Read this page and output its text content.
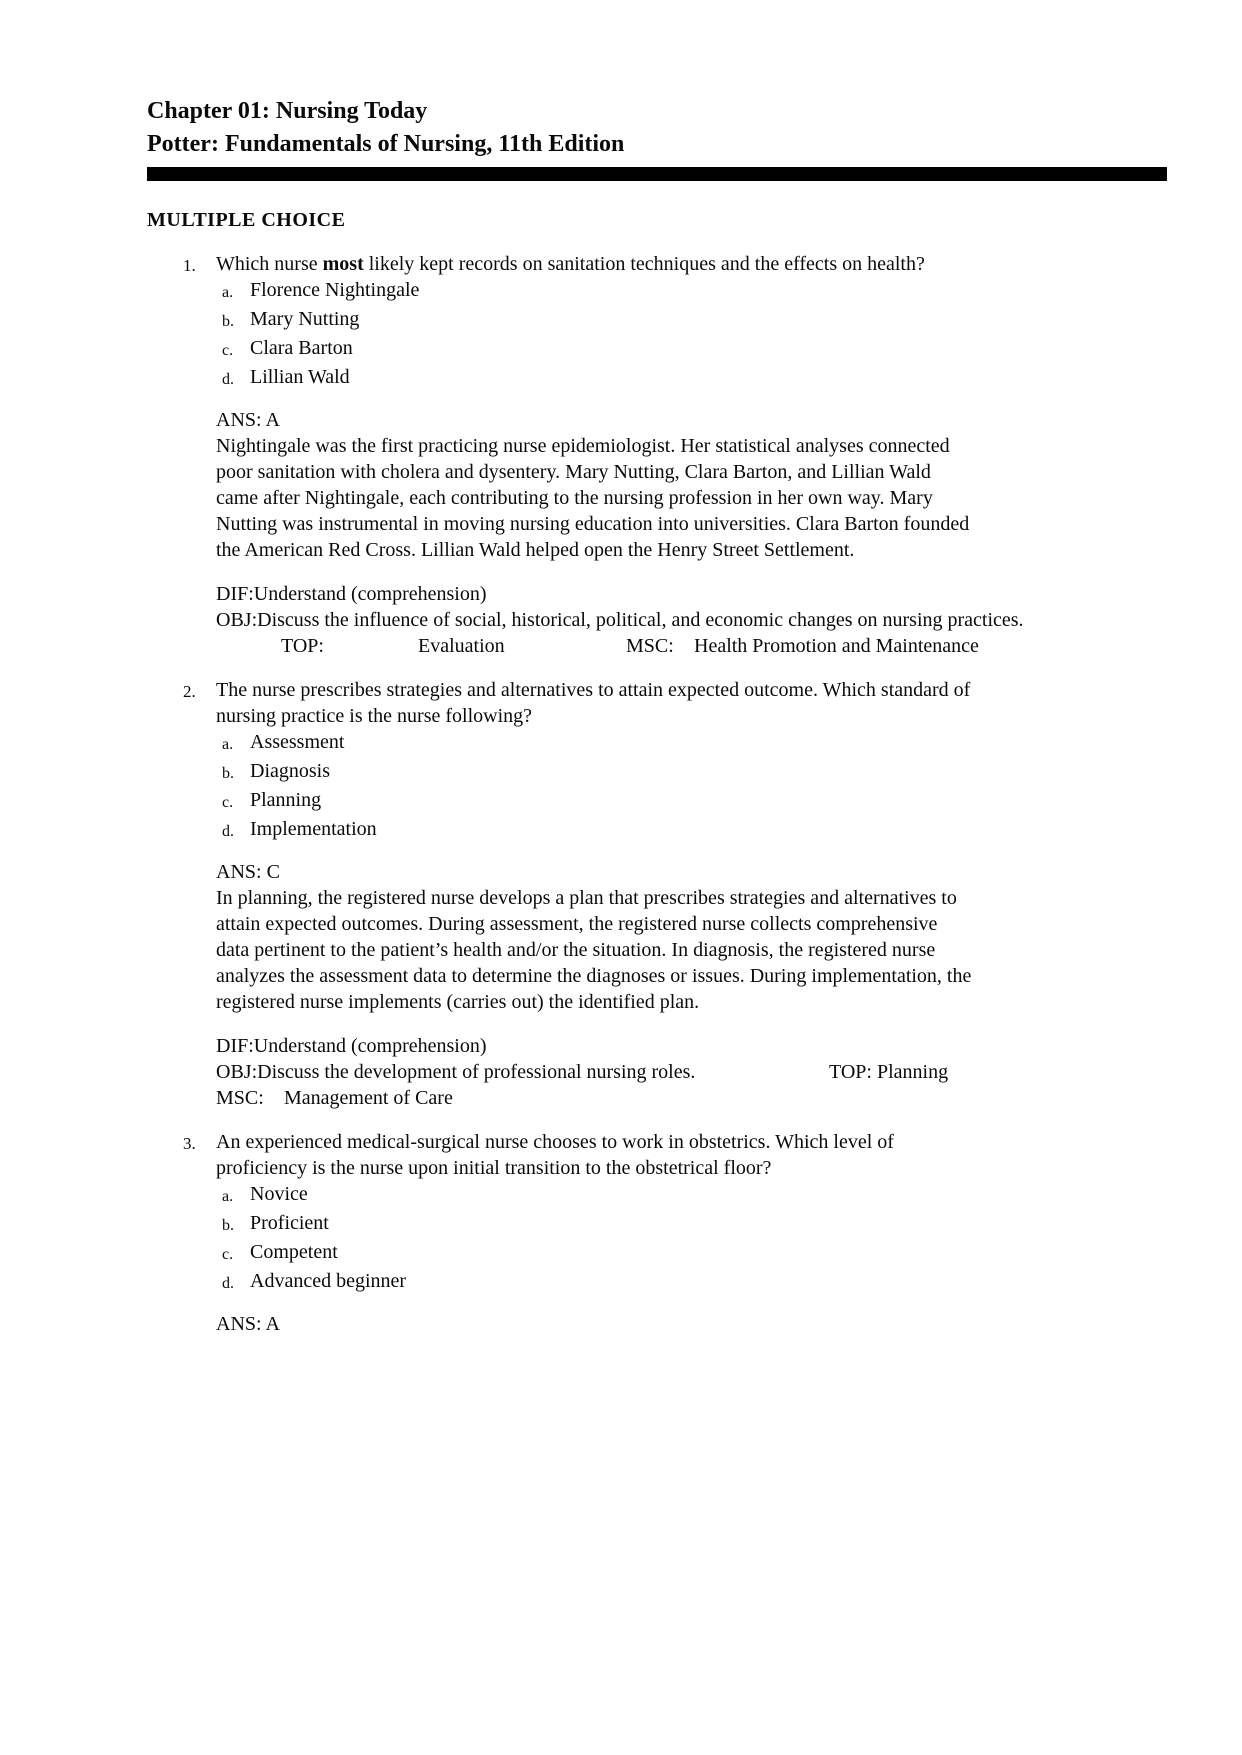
Chapter 01: Nursing Today
Potter: Fundamentals of Nursing, 11th Edition
MULTIPLE CHOICE
1.	Which nurse most likely kept records on sanitation techniques and the effects on health?
a. Florence Nightingale
b. Mary Nutting
c. Clara Barton
d. Lillian Wald
ANS: A
Nightingale was the first practicing nurse epidemiologist. Her statistical analyses connected
poor sanitation with cholera and dysentery. Mary Nutting, Clara Barton, and Lillian Wald
came after Nightingale, each contributing to the nursing profession in her own way. Mary
Nutting was instrumental in moving nursing education into universities. Clara Barton founded
the American Red Cross. Lillian Wald helped open the Henry Street Settlement.
DIF:Understand (comprehension)
OBJ:Discuss the influence of social, historical, political, and economic changes on nursing practices.
TOP:	Evaluation	MSC: Health Promotion and Maintenance
2.	The nurse prescribes strategies and alternatives to attain expected outcome. Which standard of
nursing practice is the nurse following?
a. Assessment
b. Diagnosis
c. Planning
d. Implementation
ANS: C
In planning, the registered nurse develops a plan that prescribes strategies and alternatives to
attain expected outcomes. During assessment, the registered nurse collects comprehensive
data pertinent to the patient’s health and/or the situation. In diagnosis, the registered nurse
analyzes the assessment data to determine the diagnoses or issues. During implementation, the
registered nurse implements (carries out) the identified plan.
DIF:Understand (comprehension)
OBJ:Discuss the development of professional nursing roles.	TOP: Planning
MSC: Management of Care
3.	An experienced medical-surgical nurse chooses to work in obstetrics. Which level of
proficiency is the nurse upon initial transition to the obstetrical floor?
a. Novice
b. Proficient
c. Competent
d. Advanced beginner
ANS: A
